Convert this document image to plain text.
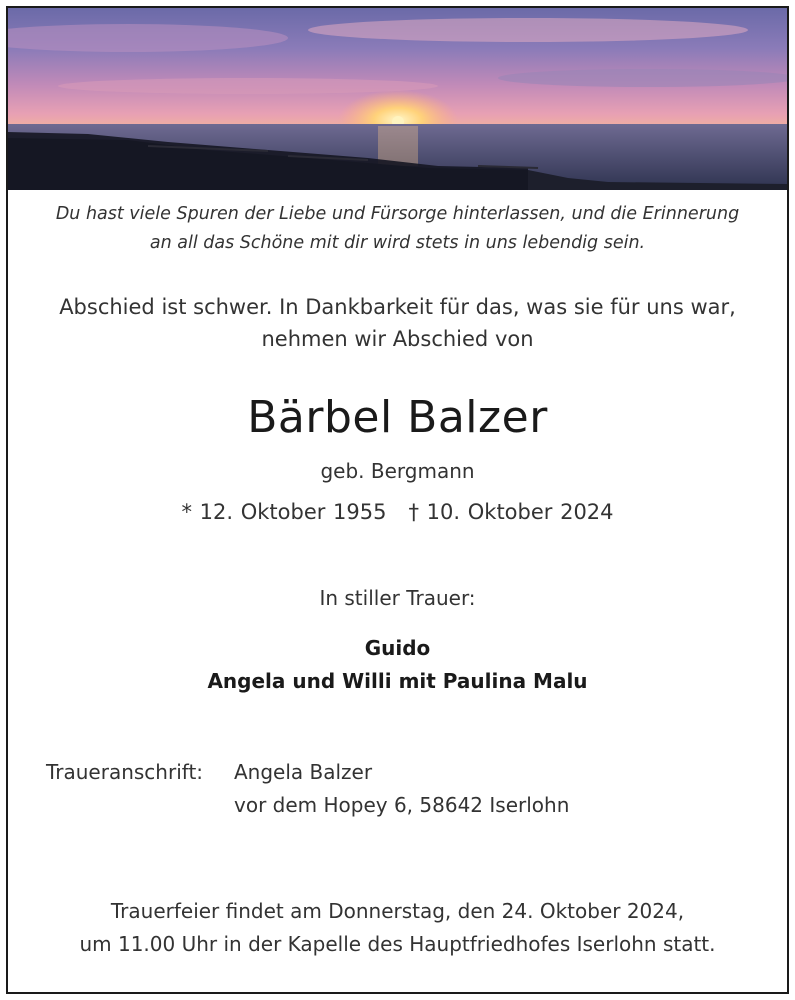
Du hast viele Spuren der Liebe und Fürsorge hinterlassen, und die Erinnerung
an all das Schöne mit dir wird stets in uns lebendig sein.
Abschied ist schwer. In Dankbarkeit für das, was sie für uns war,
nehmen wir Abschied von
Bärbel Balzer
geb. Bergmann
* 12. Oktober 1955 † 10. Oktober 2024
In stiller Trauer:
Guido
Angela und Willi mit Paulina Malu
Traueranschrift: Angela Balzer
vor dem Hopey 6, 58642 Iserlohn
Trauerfeier findet am Donnerstag, den 24. Oktober 2024,
um 11.00 Uhr in der Kapelle des Hauptfriedhofes Iserlohn statt.
